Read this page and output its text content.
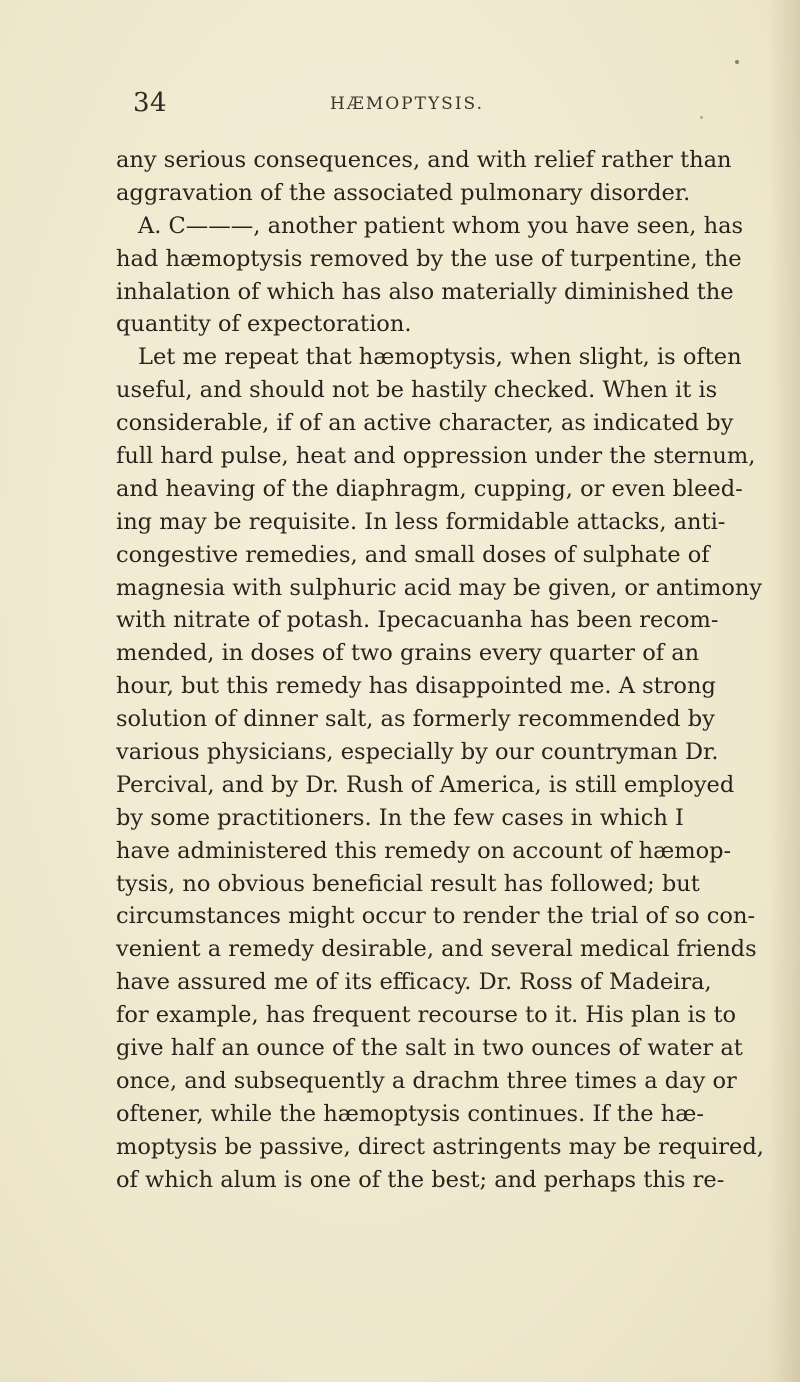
34	HÆMOPTYSIS.
any serious consequences, and with relief rather than
aggravation of the associated pulmonary disorder.
A. C———, another patient whom you have seen, has
had hæmoptysis removed by the use of turpentine, the
inhalation of which has also materially diminished the
quantity of expectoration.
Let me repeat that hæmoptysis, when slight, is often
useful, and should not be hastily checked. When it is
considerable, if of an active character, as indicated by
full hard pulse, heat and oppression under the sternum,
and heaving of the diaphragm, cupping, or even bleed-
ing may be requisite. In less formidable attacks, anti-
congestive remedies, and small doses of sulphate of
magnesia with sulphuric acid may be given, or antimony
with nitrate of potash. Ipecacuanha has been recom-
mended, in doses of two grains every quarter of an
hour, but this remedy has disappointed me. A strong
solution of dinner salt, as formerly recommended by
various physicians, especially by our countryman Dr.
Percival, and by Dr. Rush of America, is still employed
by some practitioners. In the few cases in which I
have administered this remedy on account of hæmop-
tysis, no obvious beneficial result has followed; but
circumstances might occur to render the trial of so con-
venient a remedy desirable, and several medical friends
have assured me of its efficacy. Dr. Ross of Madeira,
for example, has frequent recourse to it. His plan is to
give half an ounce of the salt in two ounces of water at
once, and subsequently a drachm three times a day or
oftener, while the hæmoptysis continues. If the hæ-
moptysis be passive, direct astringents may be required,
of which alum is one of the best; and perhaps this re-
